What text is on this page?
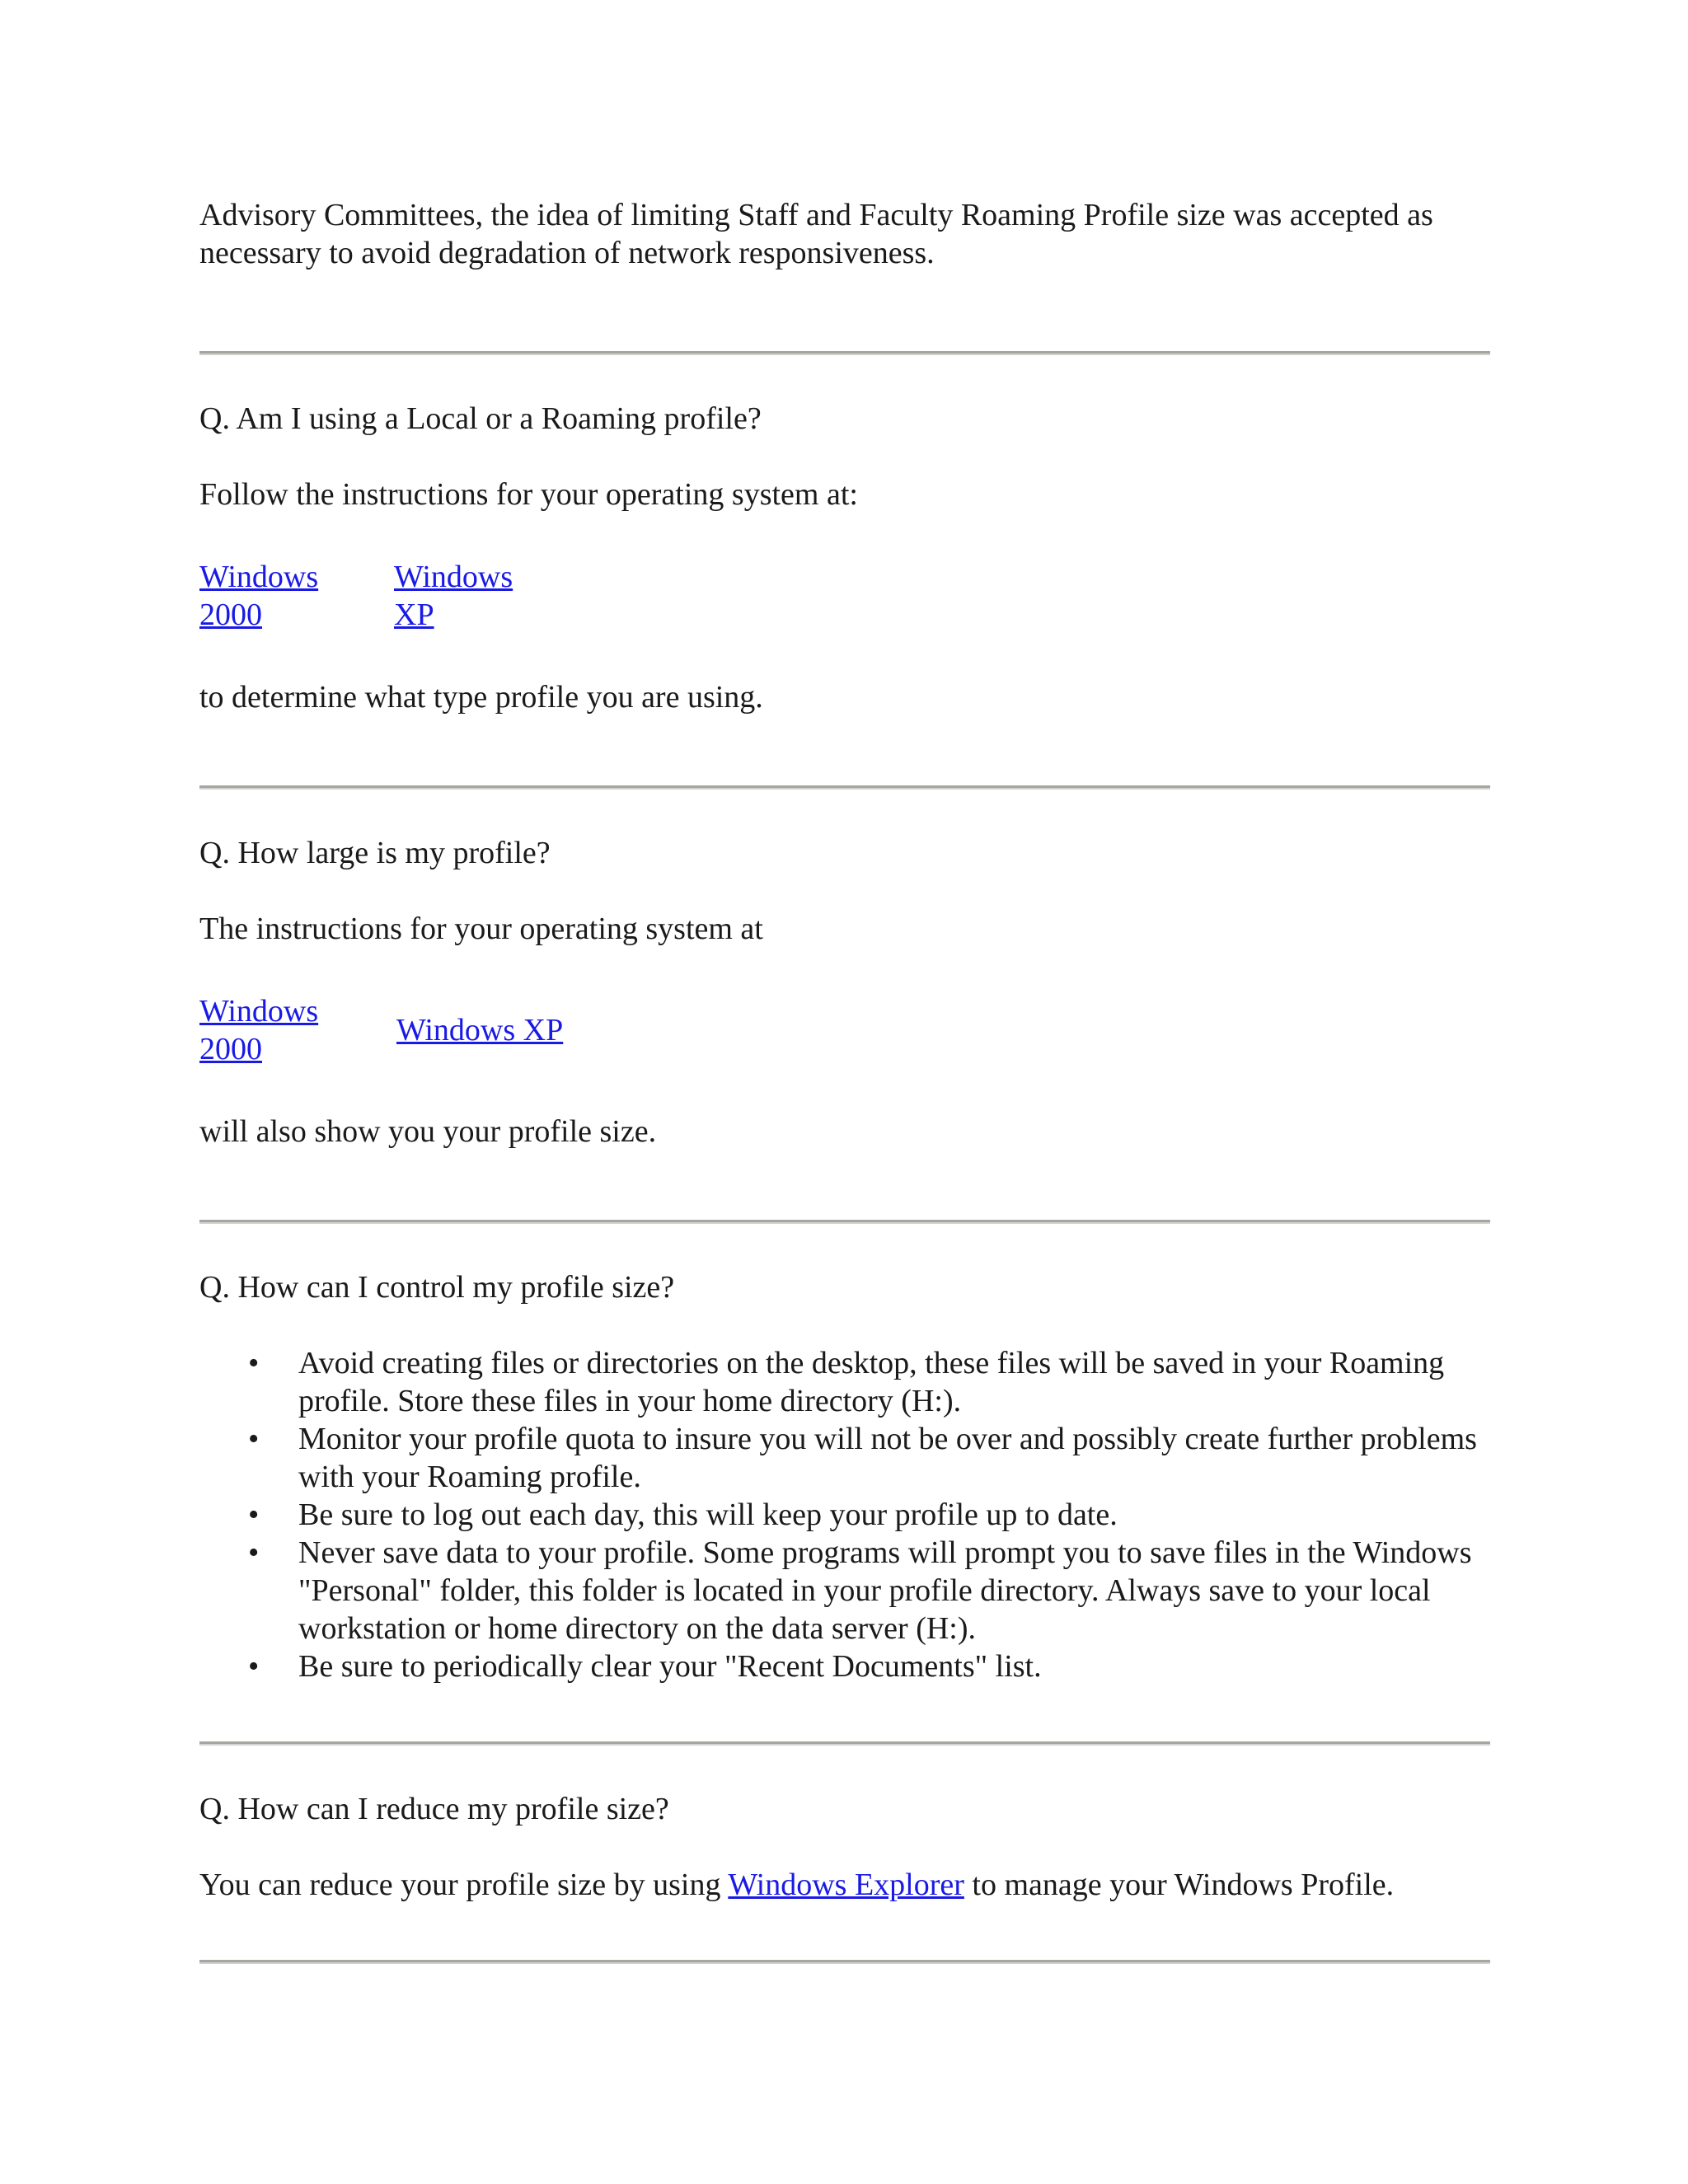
Advisory Committees, the idea of limiting Staff and Faculty Roaming Profile size was accepted as necessary to avoid degradation of network responsiveness.

Q. Am I using a Local or a Roaming profile?

Follow the instructions for your operating system at:

Windows
2000
Windows
XP

to determine what type profile you are using.

Q. How large is my profile?

The instructions for your operating system at

Windows
2000
Windows XP

will also show you your profile size.

Q. How can I control my profile size?

• Avoid creating files or directories on the desktop, these files will be saved in your Roaming profile. Store these files in your home directory (H:).
• Monitor your profile quota to insure you will not be over and possibly create further problems with your Roaming profile.
• Be sure to log out each day, this will keep your profile up to date.
• Never save data to your profile. Some programs will prompt you to save files in the Windows "Personal" folder, this folder is located in your profile directory. Always save to your local workstation or home directory on the data server (H:).
• Be sure to periodically clear your "Recent Documents" list.

Q. How can I reduce my profile size?

You can reduce your profile size by using Windows Explorer to manage your Windows Profile.
